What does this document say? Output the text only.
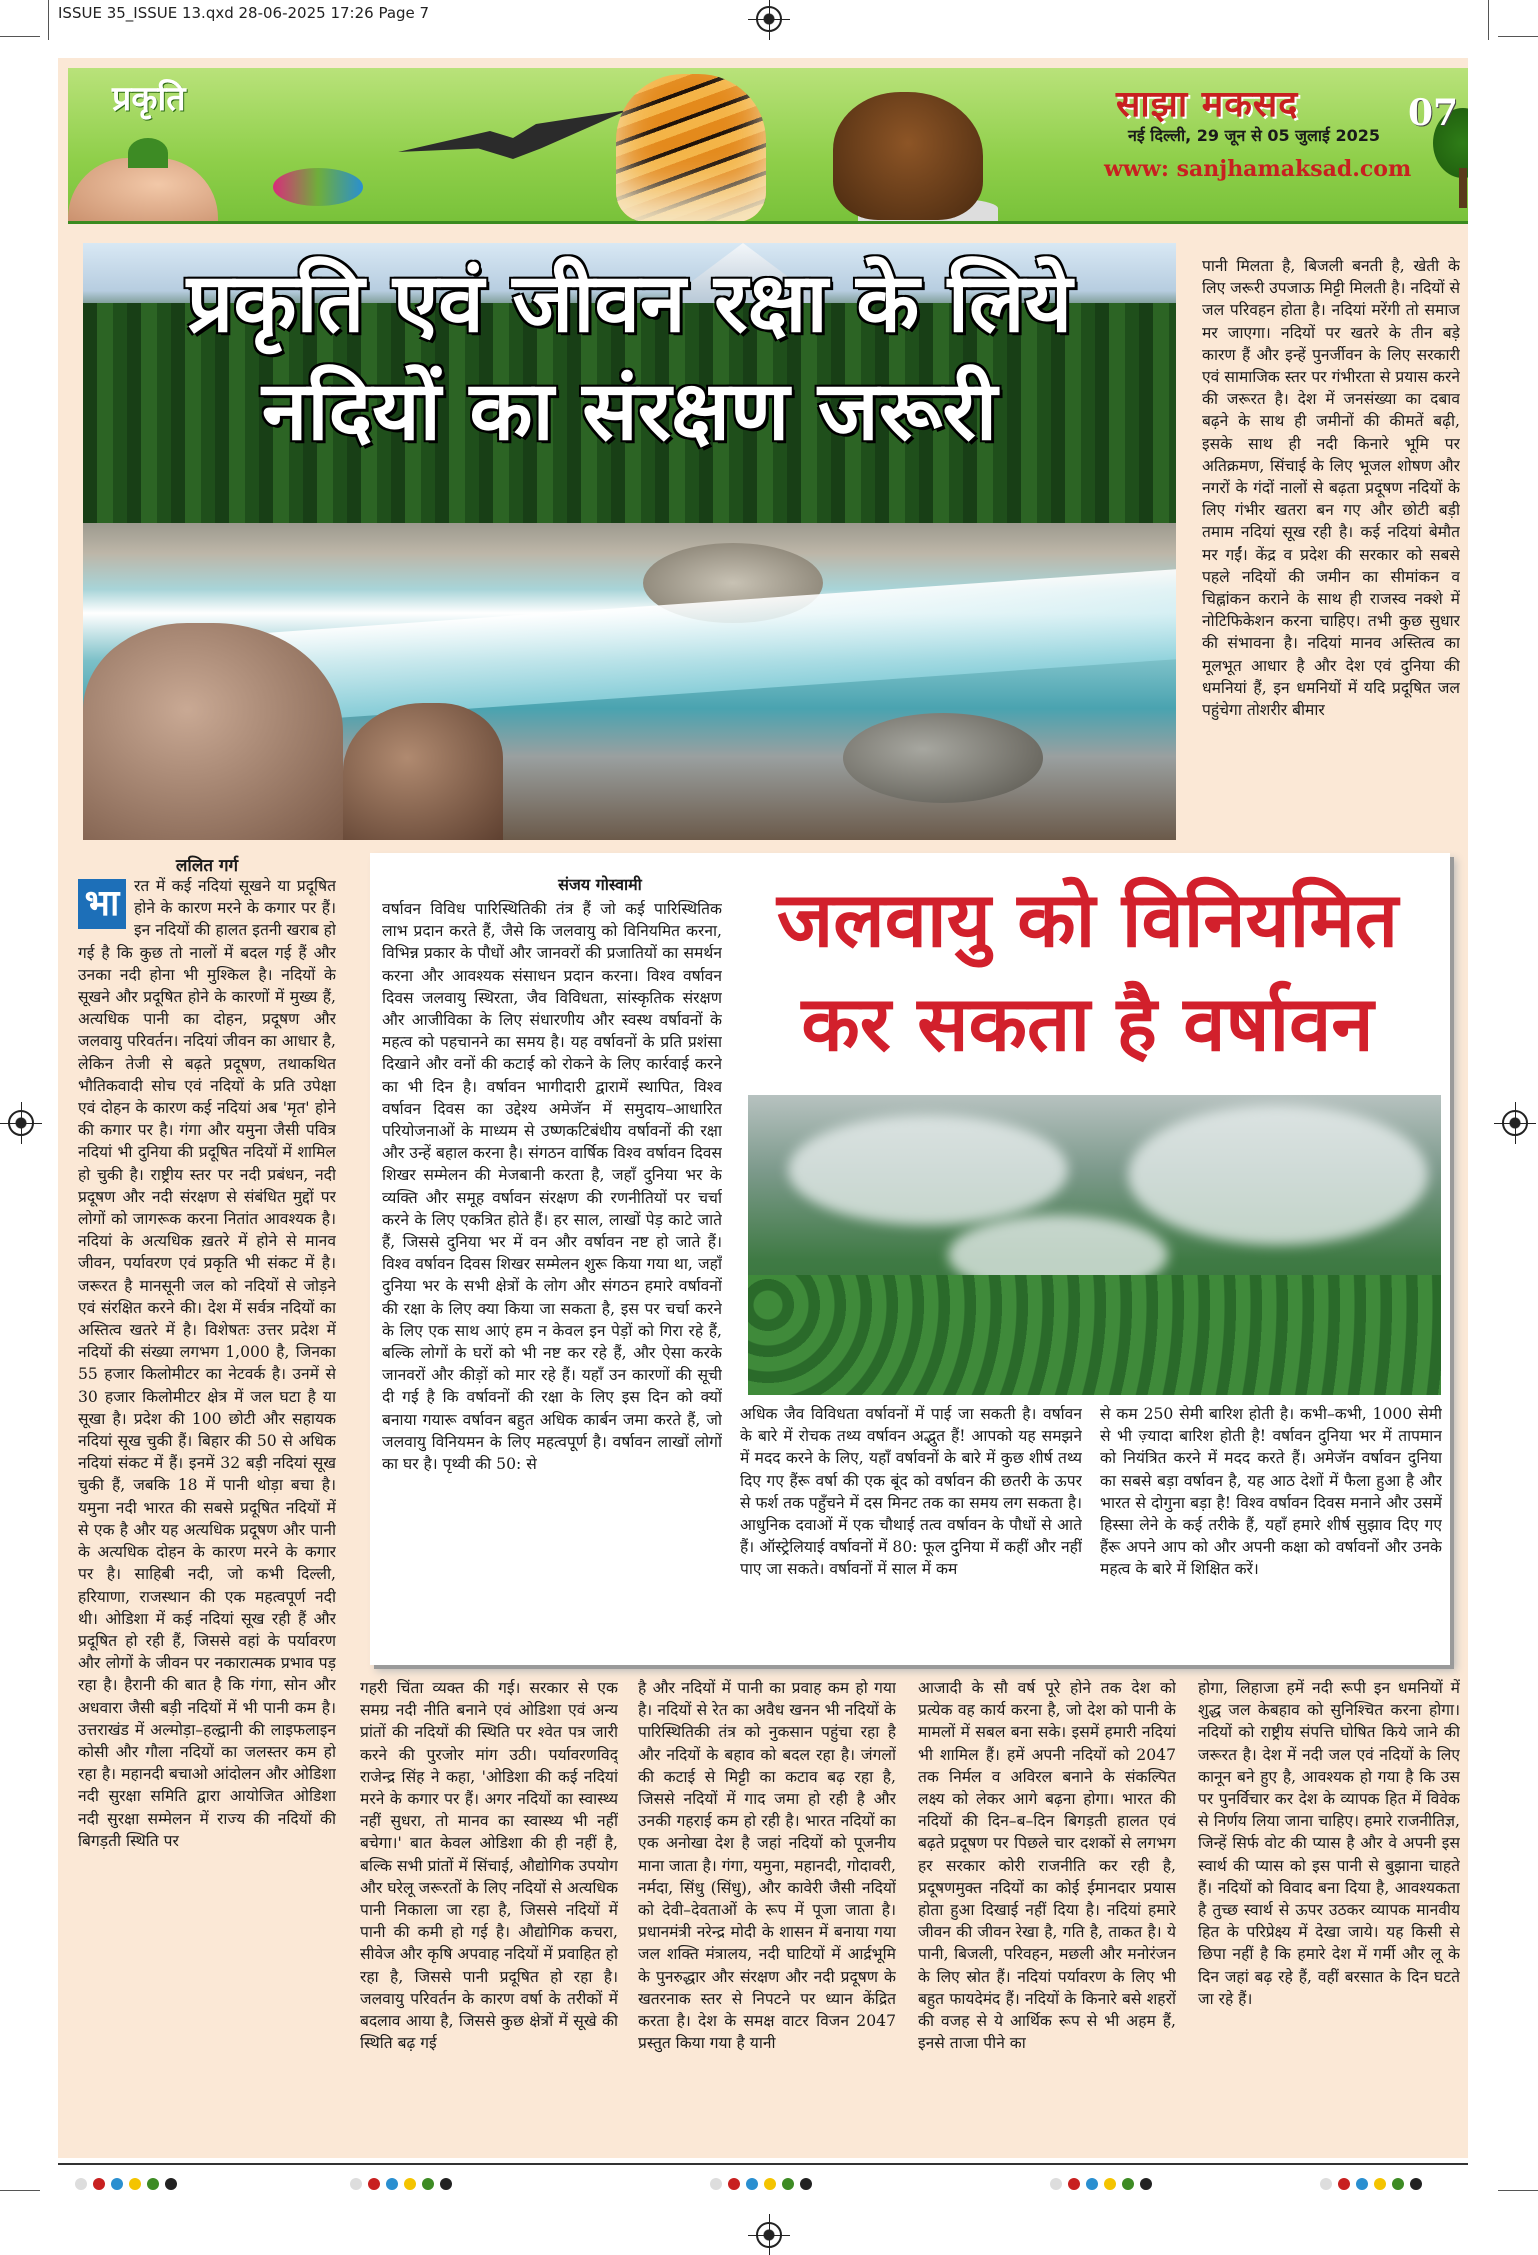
ISSUE 35_ISSUE 13.qxd 28-06-2025 17:26 Page 7
प्रकृति	साझा मकसद
नई दिल्ली, 29 जून से 05 जुलाई 2025
www: sanjhamaksad.com
07
प्रकृति एवं जीवन रक्षा के लिये
नदियों का संरक्षण जरूरी
पानी मिलता है, बिजली बनती है, खेती के लिए जरूरी उपजाऊ मिट्टी मिलती है। नदियों से जल परिवहन होता है। नदियां मरेंगी तो समाज मर जाएगा। नदियों पर खतरे के तीन बड़े कारण हैं और इन्हें पुनर्जीवन के लिए सरकारी एवं सामाजिक स्तर पर गंभीरता से प्रयास करने की जरूरत है। देश में जनसंख्या का दबाव बढ़ने के साथ ही जमीनों की कीमतें बढ़ी, इसके साथ ही नदी किनारे भूमि पर अतिक्रमण, सिंचाई के लिए भूजल शोषण और नगरों के गंदों नालों से बढ़ता प्रदूषण नदियों के लिए गंभीर खतरा बन गए और छोटी बड़ी तमाम नदियां सूख रही है। कई नदियां बेमौत मर गईं। केंद्र व प्रदेश की सरकार को सबसे पहले नदियों की जमीन का सीमांकन व चिह्नांकन कराने के साथ ही राजस्व नक्शे में नोटिफिकेशन करना चाहिए। तभी कुछ सुधार की संभावना है। नदियां मानव अस्तित्व का मूलभूत आधार है और देश एवं दुनिया की धमनियां हैं, इन धमनियों में यदि प्रदूषित जल पहुंचेगा तोशरीर बीमार
ललित गर्ग
भा रत में कई नदियां सूखने या प्रदूषित होने के कारण मरने के कगार पर हैं। इन नदियों की हालत इतनी खराब हो गई है कि कुछ तो नालों में बदल गई हैं और उनका नदी होना भी मुश्किल है। नदियों के सूखने और प्रदूषित होने के कारणों में मुख्य हैं, अत्यधिक पानी का दोहन, प्रदूषण और जलवायु परिवर्तन। नदियां जीवन का आधार है, लेकिन तेजी से बढ़ते प्रदूषण, तथाकथित भौतिकवादी सोच एवं नदियों के प्रति उपेक्षा एवं दोहन के कारण कई नदियां अब 'मृत' होने की कगार पर है। गंगा और यमुना जैसी पवित्र नदियां भी दुनिया की प्रदूषित नदियों में शामिल हो चुकी है। राष्ट्रीय स्तर पर नदी प्रबंधन, नदी प्रदूषण और नदी संरक्षण से संबंधित मुद्दों पर लोगों को जागरूक करना नितांत आवश्यक है। नदियां के अत्यधिक ख़तरे में होने से मानव जीवन, पर्यावरण एवं प्रकृति भी संकट में है। जरूरत है मानसूनी जल को नदियों से जोड़ने एवं संरक्षित करने की। देश में सर्वत्र नदियों का अस्तित्व खतरे में है। विशेषतः उत्तर प्रदेश में नदियों की संख्या लगभग 1,000 है, जिनका 55 हजार किलोमीटर का नेटवर्क है। उनमें से 30 हजार किलोमीटर क्षेत्र में जल घटा है या सूखा है। प्रदेश की 100 छोटी और सहायक नदियां सूख चुकी हैं। बिहार की 50 से अधिक नदियां संकट में हैं। इनमें 32 बड़ी नदियां सूख चुकी हैं, जबकि 18 में पानी थोड़ा बचा है। यमुना नदी भारत की सबसे प्रदूषित नदियों में से एक है और यह अत्यधिक प्रदूषण और पानी के अत्यधिक दोहन के कारण मरने के कगार पर है। साहिबी नदी, जो कभी दिल्ली, हरियाणा, राजस्थान की एक महत्वपूर्ण नदी थी। ओडिशा में कई नदियां सूख रही हैं और प्रदूषित हो रही हैं, जिससे वहां के पर्यावरण और लोगों के जीवन पर नकारात्मक प्रभाव पड़ रहा है। हैरानी की बात है कि गंगा, सोन और अधवारा जैसी बड़ी नदियों में भी पानी कम है। उत्तराखंड में अल्मोड़ा–हल्द्वानी की लाइफलाइन कोसी और गौला नदियों का जलस्तर कम हो रहा है। महानदी बचाओ आंदोलन और ओडिशा नदी सुरक्षा समिति द्वारा आयोजित ओडिशा नदी सुरक्षा सम्मेलन में राज्य की नदियों की बिगड़ती स्थिति पर
संजय गोस्वामी
वर्षावन विविध पारिस्थितिकी तंत्र हैं जो कई पारिस्थितिक लाभ प्रदान करते हैं, जैसे कि जलवायु को विनियमित करना, विभिन्न प्रकार के पौधों और जानवरों की प्रजातियों का समर्थन करना और आवश्यक संसाधन प्रदान करना। विश्व वर्षावन दिवस जलवायु स्थिरता, जैव विविधता, सांस्कृतिक संरक्षण और आजीविका के लिए संधारणीय और स्वस्थ वर्षावनों के महत्व को पहचानने का समय है। यह वर्षावनों के प्रति प्रशंसा दिखाने और वनों की कटाई को रोकने के लिए कार्रवाई करने का भी दिन है। वर्षावन भागीदारी द्वारामें स्थापित, विश्व वर्षावन दिवस का उद्देश्य अमेजॅन में समुदाय–आधारित परियोजनाओं के माध्यम से उष्णकटिबंधीय वर्षावनों की रक्षा और उन्हें बहाल करना है। संगठन वार्षिक विश्व वर्षावन दिवस शिखर सम्मेलन की मेजबानी करता है, जहाँ दुनिया भर के व्यक्ति और समूह वर्षावन संरक्षण की रणनीतियों पर चर्चा करने के लिए एकत्रित होते हैं। हर साल, लाखों पेड़ काटे जाते हैं, जिससे दुनिया भर में वन और वर्षावन नष्ट हो जाते हैं। विश्व वर्षावन दिवस शिखर सम्मेलन शुरू किया गया था, जहाँ दुनिया भर के सभी क्षेत्रों के लोग और संगठन हमारे वर्षावनों की रक्षा के लिए क्या किया जा सकता है, इस पर चर्चा करने के लिए एक साथ आएं हम न केवल इन पेड़ों को गिरा रहे हैं, बल्कि लोगों के घरों को भी नष्ट कर रहे हैं, और ऐसा करके जानवरों और कीड़ों को मार रहे हैं। यहाँ उन कारणों की सूची दी गई है कि वर्षावनों की रक्षा के लिए इस दिन को क्यों बनाया गयारू वर्षावन बहुत अधिक कार्बन जमा करते हैं, जो जलवायु विनियमन के लिए महत्वपूर्ण है। वर्षावन लाखों लोगों का घर है। पृथ्वी की 50: से
जलवायु को विनियमित
कर सकता है वर्षावन
अधिक जैव विविधता वर्षावनों में पाई जा सकती है। वर्षावन के बारे में रोचक तथ्य वर्षावन अद्भुत हैं! आपको यह समझने में मदद करने के लिए, यहाँ वर्षावनों के बारे में कुछ शीर्ष तथ्य दिए गए हैंरू वर्षा की एक बूंद को वर्षावन की छतरी के ऊपर से फर्श तक पहुँचने में दस मिनट तक का समय लग सकता है। आधुनिक दवाओं में एक चौथाई तत्व वर्षावन के पौधों से आते हैं। ऑस्ट्रेलियाई वर्षावनों में 80: फूल दुनिया में कहीं और नहीं पाए जा सकते। वर्षावनों में साल में कम
से कम 250 सेमी बारिश होती है। कभी–कभी, 1000 सेमी से भी ज़्यादा बारिश होती है! वर्षावन दुनिया भर में तापमान को नियंत्रित करने में मदद करते हैं। अमेजॅन वर्षावन दुनिया का सबसे बड़ा वर्षावन है, यह आठ देशों में फैला हुआ है और भारत से दोगुना बड़ा है! विश्व वर्षावन दिवस मनाने और उसमें हिस्सा लेने के कई तरीके हैं, यहाँ हमारे शीर्ष सुझाव दिए गए हैंरू अपने आप को और अपनी कक्षा को वर्षावनों और उनके महत्व के बारे में शिक्षित करें।
गहरी चिंता व्यक्त की गई। सरकार से एक समग्र नदी नीति बनाने एवं ओडिशा एवं अन्य प्रांतों की नदियों की स्थिति पर श्वेत पत्र जारी करने की पुरजोर मांग उठी। पर्यावरणविद् राजेन्द्र सिंह ने कहा, 'ओडिशा की कई नदियां मरने के कगार पर हैं। अगर नदियों का स्वास्थ्य नहीं सुधरा, तो मानव का स्वास्थ्य भी नहीं बचेगा।' बात केवल ओडिशा की ही नहीं है, बल्कि सभी प्रांतों में सिंचाई, औद्योगिक उपयोग और घरेलू जरूरतों के लिए नदियों से अत्यधिक पानी निकाला जा रहा है, जिससे नदियों में पानी की कमी हो गई है। औद्योगिक कचरा, सीवेज और कृषि अपवाह नदियों में प्रवाहित हो रहा है, जिससे पानी प्रदूषित हो रहा है। जलवायु परिवर्तन के कारण वर्षा के तरीकों में बदलाव आया है, जिससे कुछ क्षेत्रों में सूखे की स्थिति बढ़ गई
है और नदियों में पानी का प्रवाह कम हो गया है। नदियों से रेत का अवैध खनन भी नदियों के पारिस्थितिकी तंत्र को नुकसान पहुंचा रहा है और नदियों के बहाव को बदल रहा है। जंगलों की कटाई से मिट्टी का कटाव बढ़ रहा है, जिससे नदियों में गाद जमा हो रही है और उनकी गहराई कम हो रही है। भारत नदियों का एक अनोखा देश है जहां नदियों को पूजनीय माना जाता है। गंगा, यमुना, महानदी, गोदावरी, नर्मदा, सिंधु (सिंधु), और कावेरी जैसी नदियों को देवी–देवताओं के रूप में पूजा जाता है। प्रधानमंत्री नरेन्द्र मोदी के शासन में बनाया गया जल शक्ति मंत्रालय, नदी घाटियों में आर्द्रभूमि के पुनरुद्धार और संरक्षण और नदी प्रदूषण के खतरनाक स्तर से निपटने पर ध्यान केंद्रित करता है। देश के समक्ष वाटर विजन 2047 प्रस्तुत किया गया है यानी
आजादी के सौ वर्ष पूरे होने तक देश को प्रत्येक वह कार्य करना है, जो देश को पानी के मामलों में सबल बना सके। इसमें हमारी नदियां भी शामिल हैं। हमें अपनी नदियों को 2047 तक निर्मल व अविरल बनाने के संकल्पित लक्ष्य को लेकर आगे बढ़ना होगा। भारत की नदियों की दिन–ब–दिन बिगड़ती हालत एवं बढ़ते प्रदूषण पर पिछले चार दशकों से लगभग हर सरकार कोरी राजनीति कर रही है, प्रदूषणमुक्त नदियों का कोई ईमानदार प्रयास होता हुआ दिखाई नहीं दिया है। नदियां हमारे जीवन की जीवन रेखा है, गति है, ताकत है। ये पानी, बिजली, परिवहन, मछली और मनोरंजन के लिए स्रोत हैं। नदियां पर्यावरण के लिए भी बहुत फायदेमंद हैं। नदियों के किनारे बसे शहरों की वजह से ये आर्थिक रूप से भी अहम हैं, इनसे ताजा पीने का
होगा, लिहाजा हमें नदी रूपी इन धमनियों में शुद्ध जल केबहाव को सुनिश्चित करना होगा। नदियों को राष्ट्रीय संपत्ति घोषित किये जाने की जरूरत है। देश में नदी जल एवं नदियों के लिए कानून बने हुए है, आवश्यक हो गया है कि उस पर पुनर्विचार कर देश के व्यापक हित में विवेक से निर्णय लिया जाना चाहिए। हमारे राजनीतिज्ञ, जिन्हें सिर्फ वोट की प्यास है और वे अपनी इस स्वार्थ की प्यास को इस पानी से बुझाना चाहते हैं। नदियों को विवाद बना दिया है, आवश्यकता है तुच्छ स्वार्थ से ऊपर उठकर व्यापक मानवीय हित के परिप्रेक्ष्य में देखा जाये। यह किसी से छिपा नहीं है कि हमारे देश में गर्मी और लू के दिन जहां बढ़ रहे हैं, वहीं बरसात के दिन घटते जा रहे हैं।
